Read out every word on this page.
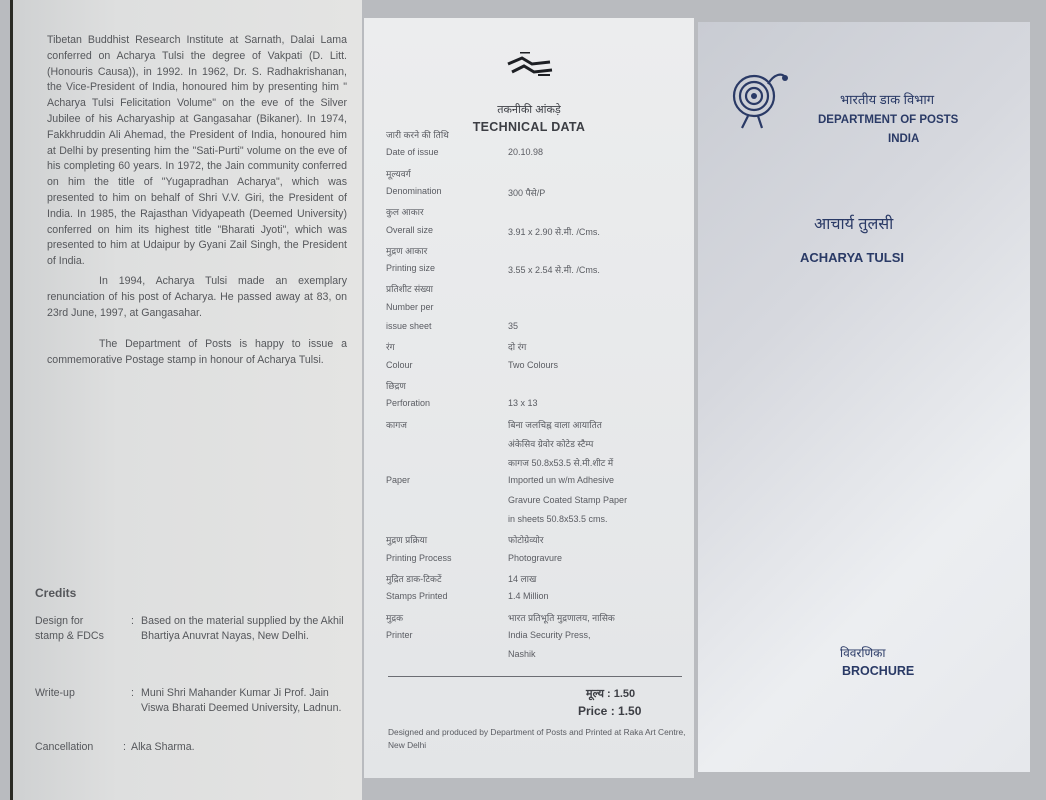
Tibetan Buddhist Research Institute at Sarnath, Dalai Lama conferred on Acharya Tulsi the degree of Vakpati (D. Litt. (Honouris Causa)), in 1992. In 1962, Dr. S. Radhakrishanan, the Vice-President of India, honoured him by presenting him " Acharya Tulsi Felicitation Volume" on the eve of the Silver Jubilee of his Acharyaship at Gangasahar (Bikaner). In 1974, Fakkhruddin Ali Ahemad, the President of India, honoured him at Delhi by presenting him the "Sati-Purti" volume on the eve of his completing 60 years. In 1972, the Jain community conferred on him the title of "Yugapradhan Acharya", which was presented to him on behalf of Shri V.V. Giri, the President of India. In 1985, the Rajasthan Vidyapeath (Deemed University) conferred on him its highest title "Bharati Jyoti", which was presented to him at Udaipur by Gyani Zail Singh, the President of India.

In 1994, Acharya Tulsi made an exemplary renunciation of his post of Acharya. He passed away at 83, on 23rd June, 1997, at Gangasahar.

The Department of Posts is happy to issue a commemorative Postage stamp in honour of Acharya Tulsi.

Credits
Design for stamp & FDCs
: Based on the material supplied by the Akhil Bhartiya Anuvrat Nayas, New Delhi.
Write-up	: Muni Shri Mahander Kumar Ji Prof. Jain Viswa Bharati Deemed University, Ladnun.
Cancellation	: Alka Sharma.
तकनीकी आंकड़े
TECHNICAL DATA
जारी करने की तिथि
Date of issue	20.10.98
मूल्यवर्ग
Denomination	300 पैसे/P
कुल आकार
Overall size	3.91 x 2.90 से.मी. /Cms.
मुद्रण आकार
Printing size	3.55 x 2.54 से.मी. /Cms.
प्रतिशीट संख्या
Number per
issue sheet	35
रंग	दो रंग
Colour	Two Colours
छिद्रण
Perforation	13 x 13
कागज	बिना जलचिह्न वाला आयातित
अंकेसिव ग्रेवोर कोटेड स्टैम्प
कागज 50.8x53.5 से.मी.शीट में
Paper	Imported un w/m Adhesive
Gravure Coated Stamp Paper
in sheets 50.8x53.5 cms.
मुद्रण प्रक्रिया	फोटोग्रेव्योर
Printing Process	Photogravure
मुद्रित डाक-टिकटें	14 लाख
Stamps Printed	1.4 Million
मुद्रक	भारत प्रतिभूति मुद्रणालय, नासिक
Printer	India Security Press,
Nashik
मूल्य : 1.50
Price : 1.50
Designed and produced by Department of Posts and Printed at Raka Art Centre, New Delhi
भारतीय डाक विभाग
DEPARTMENT OF POSTS
INDIA
आचार्य तुलसी
ACHARYA TULSI
विवरणिका
BROCHURE
